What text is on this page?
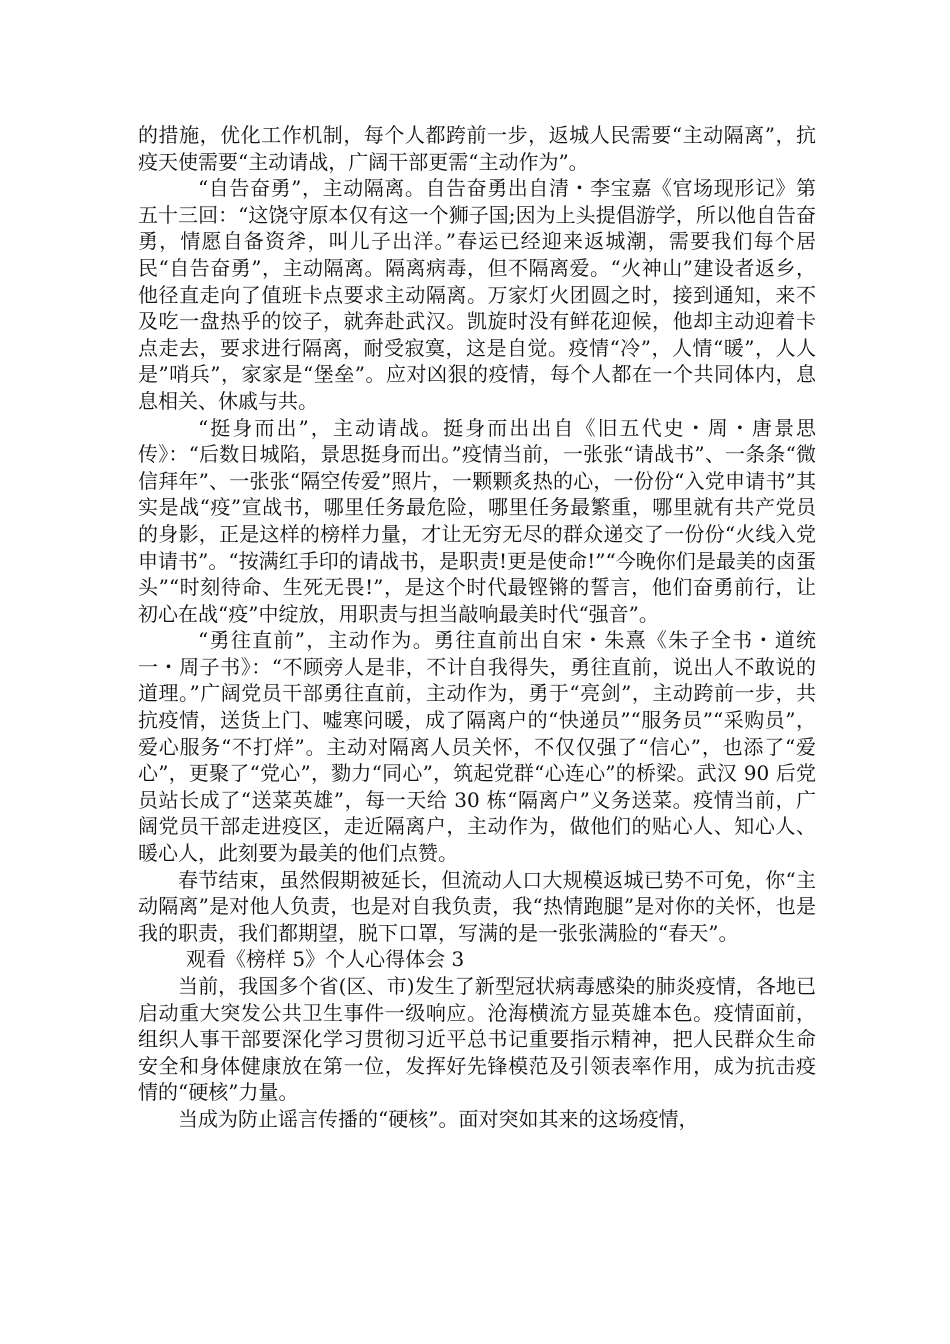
的措施，优化工作机制，每个人都跨前一步，返城人民需要“主动隔离”，抗疫天使需要“主动请战，广阔干部更需“主动作为”。

“自告奋勇”，主动隔离。自告奋勇出自清・李宝嘉《官场现形记》第五十三回：“这饶守原本仅有这一个狮子国;因为上头提倡游学，所以他自告奋勇，情愿自备资斧，叫儿子出洋。”春运已经迎来返城潮，需要我们每个居民“自告奋勇”，主动隔离。隔离病毒，但不隔离爱。“火神山”建设者返乡，他径直走向了值班卡点要求主动隔离。万家灯火团圆之时，接到通知，来不及吃一盘热乎的饺子，就奔赴武汉。凯旋时没有鲜花迎候，他却主动迎着卡点走去，要求进行隔离，耐受寂寞，这是自觉。疫情“冷”，人情“暖”，人人是”哨兵”，家家是“堡垒”。应对凶狠的疫情，每个人都在一个共同体内，息息相关、休戚与共。

“挺身而出”，主动请战。挺身而出出自《旧五代史・周・唐景思传》：“后数日城陷，景思挺身而出。”疫情当前，一张张“请战书”、一条条“微信拜年”、一张张“隔空传爱”照片，一颗颗炙热的心，一份份“入党申请书”其实是战“疫”宣战书，哪里任务最危险，哪里任务最繁重，哪里就有共产党员的身影，正是这样的榜样力量，才让无穷无尽的群众递交了一份份“火线入党申请书”。“按满红手印的请战书，是职责!更是使命!”“今晚你们是最美的卤蛋头”“时刻待命、生死无畏!”，是这个时代最铿锵的誓言，他们奋勇前行，让初心在战“疫”中绽放，用职责与担当敲响最美时代“强音”。

“勇往直前”，主动作为。勇往直前出自宋・朱熹《朱子全书・道统一・周子书》：“不顾旁人是非，不计自我得失，勇往直前，说出人不敢说的道理。”广阔党员干部勇往直前，主动作为，勇于“亮剑”，主动跨前一步，共抗疫情，送货上门、嘘寒问暖，成了隔离户的“快递员”“服务员”“采购员”，爱心服务“不打烊”。主动对隔离人员关怀，不仅仅强了“信心”，也添了“爱心”，更聚了“党心”，勠力“同心”，筑起党群“心连心”的桥梁。武汉 90 后党员站长成了“送菜英雄”，每一天给 30 栋“隔离户”义务送菜。疫情当前，广阔党员干部走进疫区，走近隔离户，主动作为，做他们的贴心人、知心人、暖心人，此刻要为最美的他们点赞。

春节结束，虽然假期被延长，但流动人口大规模返城已势不可免，你“主动隔离”是对他人负责，也是对自我负责，我“热情跑腿”是对你的关怀，也是我的职责，我们都期望，脱下口罩，写满的是一张张满脸的“春天”。

观看《榜样 5》个人心得体会 3

当前，我国多个省(区、市)发生了新型冠状病毒感染的肺炎疫情，各地已启动重大突发公共卫生事件一级响应。沧海横流方显英雄本色。疫情面前，组织人事干部要深化学习贯彻习近平总书记重要指示精神，把人民群众生命安全和身体健康放在第一位，发挥好先锋模范及引领表率作用，成为抗击疫情的“硬核”力量。

当成为防止谣言传播的“硬核”。面对突如其来的这场疫情，
